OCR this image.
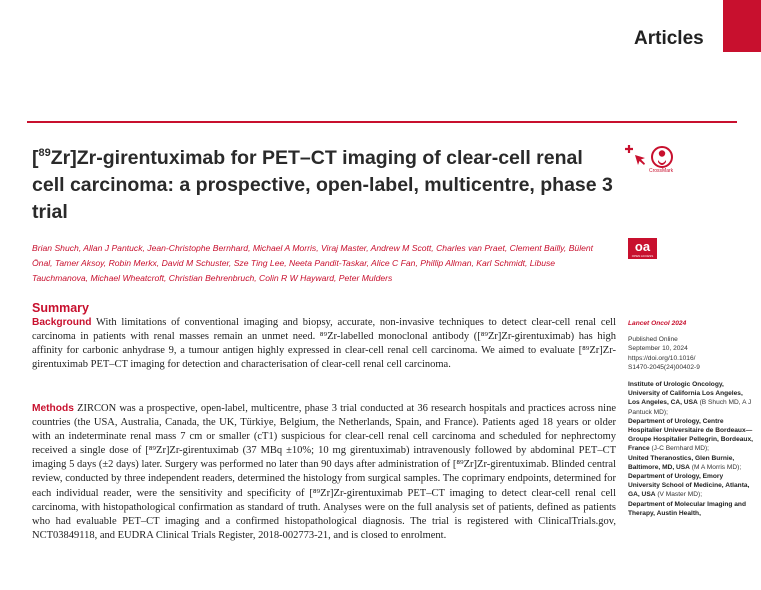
Articles
[$^{89}$Zr]Zr-girentuximab for PET–CT imaging of clear-cell renal cell carcinoma: a prospective, open-label, multicentre, phase 3 trial
CrossMark
oa
OPEN ACCESS

Brian Shuch, Allan J Pantuck, Jean-Christophe Bernhard, Michael A Morris, Viraj Master, Andrew M Scott, Charles van Praet, Clement Bailly, Bülent Önal, Tamer Aksoy, Robin Merkx, David M Schuster, Sze Ting Lee, Neeta Pandit-Taskar, Alice C Fan, Phillip Allman, Karl Schmidt, Libuse Tauchmanova, Michael Wheatcroft, Christian Behrenbruch, Colin R W Hayward, Peter Mulders

Summary

Background With limitations of conventional imaging and biopsy, accurate, non-invasive techniques to detect clear-cell renal cell carcinoma in patients with renal masses remain an unmet need. ⁸⁹Zr-labelled monoclonal antibody ([⁸⁹Zr]Zr-girentuximab) has high affinity for carbonic anhydrase 9, a tumour antigen highly expressed in clear-cell renal cell carcinoma. We aimed to evaluate [⁸⁹Zr]Zr-girentuximab PET–CT imaging for detection and characterisation of clear-cell renal cell carcinoma.

Methods ZIRCON was a prospective, open-label, multicentre, phase 3 trial conducted at 36 research hospitals and practices across nine countries (the USA, Australia, Canada, the UK, Türkiye, Belgium, the Netherlands, Spain, and France). Patients aged 18 years or older with an indeterminate renal mass 7 cm or smaller (cT1) suspicious for clear-cell renal cell carcinoma and scheduled for nephrectomy received a single dose of [⁸⁹Zr]Zr-girentuximab (37 MBq ±10%; 10 mg girentuximab) intravenously followed by abdominal PET–CT imaging 5 days (±2 days) later. Surgery was performed no later than 90 days after administration of [⁸⁹Zr]Zr-girentuximab. Blinded central review, conducted by three independent readers, determined the histology from surgical samples. The coprimary endpoints, determined for each individual reader, were the sensitivity and specificity of [⁸⁹Zr]Zr-girentuximab PET–CT imaging to detect clear-cell renal cell carcinoma, with histopathological confirmation as standard of truth. Analyses were on the full analysis set of patients, defined as patients who had evaluable PET–CT imaging and a confirmed histopathological diagnosis. The trial is registered with ClinicalTrials.gov, NCT03849118, and EUDRA Clinical Trials Register, 2018-002773-21, and is closed to enrolment.

Lancet Oncol 2024
Published Online
September 10, 2024
https://doi.org/10.1016/
S1470-2045(24)00402-9
Institute of Urologic Oncology, University of California Los Angeles, Los Angeles, CA, USA (B Shuch MD, A J Pantuck MD);
Department of Urology, Centre Hospitalier Universitaire de Bordeaux—Groupe Hospitalier Pellegrin, Bordeaux, France (J-C Bernhard MD);
United Theranostics, Glen Burnie, Baltimore, MD, USA (M A Morris MD);
Department of Urology, Emory University School of Medicine, Atlanta, GA, USA (V Master MD);
Department of Molecular Imaging and Therapy, Austin Health,
